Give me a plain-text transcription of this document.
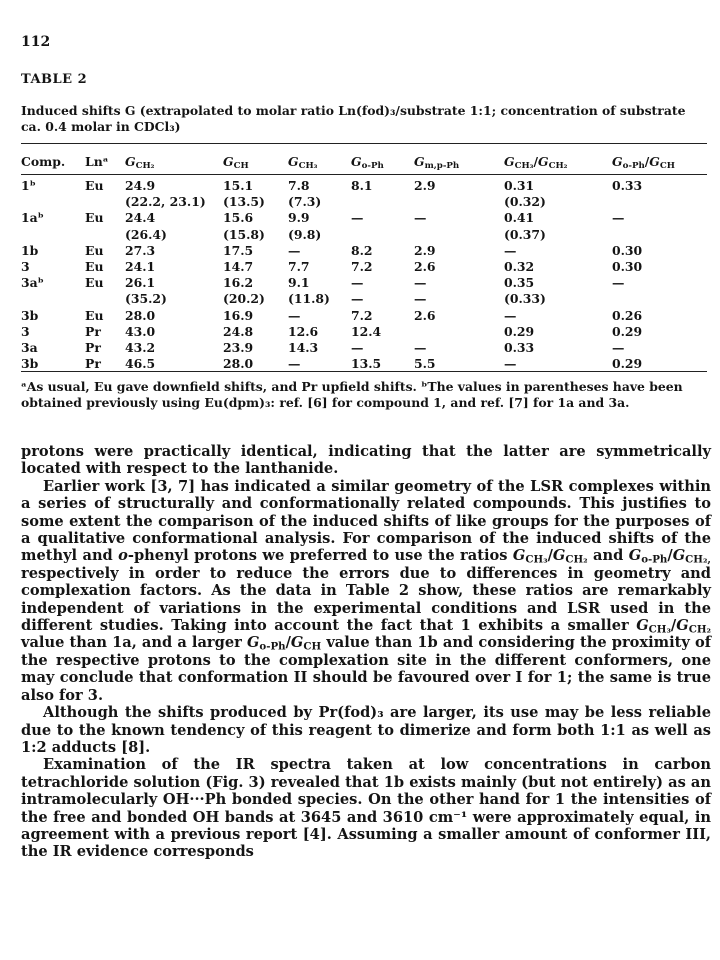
112
TABLE 2
Induced shifts G (extrapolated to molar ratio Ln(fod)₃/substrate 1:1; concentration of substrate ca. 0.4 molar in CDCl₃)
Comp.	Lnᵃ	$G_{CH_2}$	$G_{CH}$	$G_{CH_3}$	$G_{o‑Ph}$	$G_{m,p‑Ph}$	$G_{CH_3}/G_{CH_2}$	$G_{o‑Ph}/G_{CH}$
1ᵇ	Eu	24.9	15.1	7.8	8.1	2.9	0.31	0.33
		(22.2, 23.1)	(13.5)	(7.3)			(0.32)	
1aᵇ	Eu	24.4	15.6	9.9	—	—	0.41	—
		(26.4)	(15.8)	(9.8)			(0.37)	
1b	Eu	27.3	17.5	—	8.2	2.9	—	0.30
3	Eu	24.1	14.7	7.7	7.2	2.6	0.32	0.30
3aᵇ	Eu	26.1	16.2	9.1	—	—	0.35	—
		(35.2)	(20.2)	(11.8)	—	—	(0.33)	
3b	Eu	28.0	16.9	—	7.2	2.6	—	0.26
3	Pr	43.0	24.8	12.6	12.4		0.29	0.29
3a	Pr	43.2	23.9	14.3	—	—	0.33	—
3b	Pr	46.5	28.0	—	13.5	5.5	—	0.29
ᵃAs usual, Eu gave downfield shifts, and Pr upfield shifts. ᵇThe values in parentheses have been obtained previously using Eu(dpm)₃: ref. [6] for compound 1, and ref. [7] for 1a and 3a.

protons were practically identical, indicating that the latter are symmetrically located with respect to the lanthanide.

Earlier work [3, 7] has indicated a similar geometry of the LSR complexes within a series of structurally and conformationally related compounds. This justifies to some extent the comparison of the induced shifts of like groups for the purposes of a qualitative conformational analysis. For comparison of the induced shifts of the methyl and o-phenyl protons we preferred to use the ratios $G_{CH_3}/G_{CH_2}$ and $G_{o‑Ph}/G_{CH_2,}$ respectively in order to reduce the errors due to differences in geometry and complexation factors. As the data in Table 2 show, these ratios are remarkably independent of variations in the experimental conditions and LSR used in the different studies. Taking into account the fact that 1 exhibits a smaller $G_{CH_3}/G_{CH_2}$ value than 1a, and a larger $G_{o‑Ph}/G_{CH}$ value than 1b and considering the proximity of the respective protons to the complexation site in the different conformers, one may conclude that conformation II should be favoured over I for 1; the same is true also for 3.

Although the shifts produced by Pr(fod)₃ are larger, its use may be less reliable due to the known tendency of this reagent to dimerize and form both 1:1 as well as 1:2 adducts [8].

Examination of the IR spectra taken at low concentrations in carbon tetrachloride solution (Fig. 3) revealed that 1b exists mainly (but not entirely) as an intramolecularly OH···Ph bonded species. On the other hand for 1 the intensities of the free and bonded OH bands at 3645 and 3610 cm⁻¹ were approximately equal, in agreement with a previous report [4]. Assuming a smaller amount of conformer III, the IR evidence corresponds
